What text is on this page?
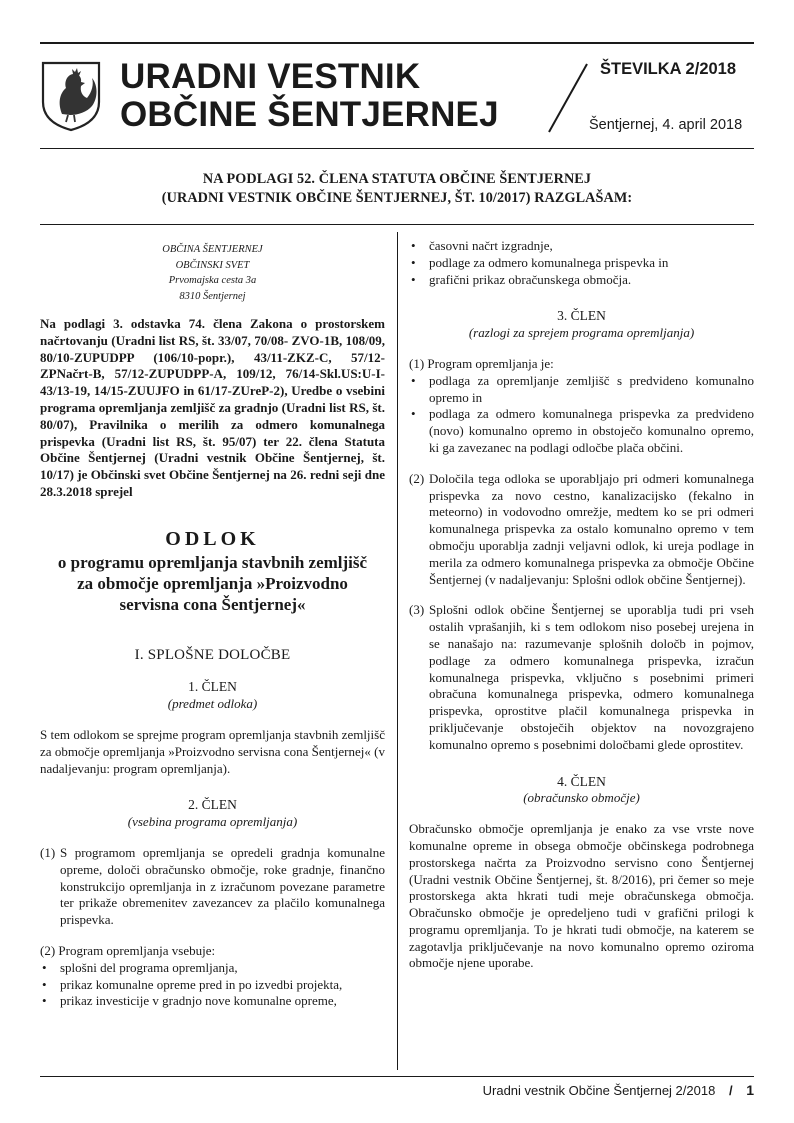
URADNI VESTNIK
OBČINE ŠENTJERNEJ
ŠTEVILKA 2/2018
Šentjernej, 4. april 2018
NA PODLAGI 52. ČLENA STATUTA OBČINE ŠENTJERNEJ
(URADNI VESTNIK OBČINE ŠENTJERNEJ, ŠT. 10/2017) RAZGLAŠAM:
OBČINA ŠENTJERNEJ
OBČINSKI SVET
Prvomajska cesta 3a
8310 Šentjernej

Na podlagi 3. odstavka 74. člena Zakona o prostorskem načrtovanju (Uradni list RS, št. 33/07, 70/08- ZVO-1B, 108/09, 80/10-ZUPUDPP (106/10-popr.), 43/11-ZKZ-C, 57/12-ZPNačrt-B, 57/12-ZUPUDPP-A, 109/12, 76/14-Skl.US:U-I-43/13-19, 14/15-ZUUJFO in 61/17-ZUreP-2), Uredbe o vsebini programa opremljanja zemljišč za gradnjo (Uradni list RS, št. 80/07), Pravilnika o merilih za odmero komunalnega prispevka (Uradni list RS, št. 95/07) ter 22. člena Statuta Občine Šentjernej (Uradni vestnik Občine Šentjernej, št. 10/17) je Občinski svet Občine Šentjernej na 26. redni seji dne 28.3.2018 sprejel

ODLOK
o programu opremljanja stavbnih zemljišč
za območje opremljanja »Proizvodno
servisna cona Šentjernej«
I. SPLOŠNE DOLOČBE
1. ČLEN
(predmet odloka)

S tem odlokom se sprejme program opremljanja stavbnih zemljišč za območje opremljanja »Proizvodno servisna cona Šentjernej« (v nadaljevanju: program opremljanja).

2. ČLEN
(vsebina programa opremljanja)
(1) S programom opremljanja se opredeli gradnja komunalne opreme, določi obračunsko območje, roke gradnje, finančno konstrukcijo opremljanja in z izračunom povezane parametre ter prikaže obremenitev zavezancev za plačilo komunalnega prispevka.
(2) Program opremljanja vsebuje:
• splošni del programa opremljanja,
• prikaz komunalne opreme pred in po izvedbi projekta,
• prikaz investicije v gradnjo nove komunalne opreme,
• časovni načrt izgradnje,
• podlage za odmero komunalnega prispevka in
• grafični prikaz obračunskega območja.
3. ČLEN
(razlogi za sprejem programa opremljanja)
(1) Program opremljanja je:
• podlaga za opremljanje zemljišč s predvideno komunalno opremo in
• podlaga za odmero komunalnega prispevka za predvideno (novo) komunalno opremo in obstoječo komunalno opremo, ki ga zavezanec na podlagi odločbe plača občini.
(2) Določila tega odloka se uporabljajo pri odmeri komunalnega prispevka za novo cestno, kanalizacijsko (fekalno in meteorno) in vodovodno omrežje, medtem ko se pri odmeri komunalnega prispevka za ostalo komunalno opremo v tem območju uporablja zadnji veljavni odlok, ki ureja podlage in merila za odmero komunalnega prispevka za območje Občine Šentjernej (v nadaljevanju: Splošni odlok občine Šentjernej).
(3) Splošni odlok občine Šentjernej se uporablja tudi pri vseh ostalih vprašanjih, ki s tem odlokom niso posebej urejena in se nanašajo na: razumevanje splošnih določb in pojmov, podlage za odmero komunalnega prispevka, izračun komunalnega prispevka, vključno s posebnimi primeri obračuna komunalnega prispevka, odmero komunalnega prispevka, oprostitve plačil komunalnega prispevka in priključevanje obstoječih objektov na novozgrajeno komunalno opremo s posebnimi določbami glede oprostitev.
4. ČLEN
(obračunsko območje)

Obračunsko območje opremljanja je enako za vse vrste nove komunalne opreme in obsega območje občinskega podrobnega prostorskega načrta za Proizvodno servisno cono Šentjernej (Uradni vestnik Občine Šentjernej, št. 8/2016), pri čemer so meje prostorskega akta hkrati tudi meje obračunskega območja. Obračunsko območje je opredeljeno tudi v grafični prilogi k programu opremljanja. To je hkrati tudi območje, na katerem se zagotavlja priključevanje na novo komunalno opremo oziroma območje njene uporabe.

Uradni vestnik Občine Šentjernej 2/2018 / 1
